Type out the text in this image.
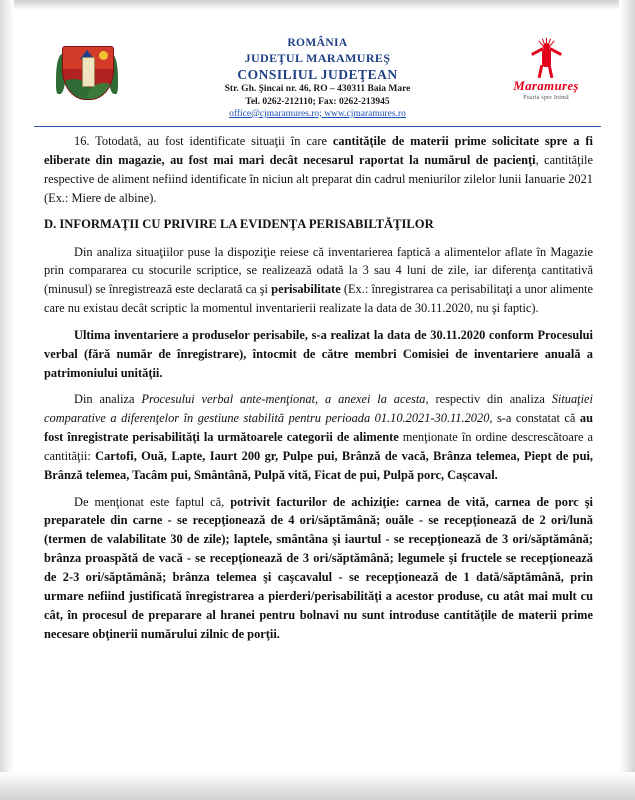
ROMÂNIA
JUDEŢUL MARAMUREŞ
CONSILIUL JUDEŢEAN
Str. Gh. Şincai nr. 46, RO – 430311 Baia Mare
Tel. 0262-212110; Fax: 0262-213945
office@cjmaramures.ro; www.cjmaramures.ro
Maramureș
Poarta spre Inimă

16. Totodată, au fost identificate situaţii în care cantităţile de materii prime solicitate spre a fi eliberate din magazie, au fost mai mari decât necesarul raportat la numărul de pacienţi, cantităţile respective de aliment nefiind identificate în niciun alt preparat din cadrul meniurilor zilelor lunii Ianuarie 2021 (Ex.: Miere de albine).

D. INFORMAŢII CU PRIVIRE LA EVIDENŢA PERISABILTĂŢILOR

Din analiza situaţiilor puse la dispoziţie reiese că inventarierea faptică a alimentelor aflate în Magazie prin compararea cu stocurile scriptice, se realizează odată la 3 sau 4 luni de zile, iar diferenţa cantitativă (minusul) se înregistrează este declarată ca şi perisabilitate (Ex.: înregistrarea ca perisabilitaţi a unor alimente care nu existau decât scriptic la momentul inventarierii realizate la data de 30.11.2020, nu şi faptic).

Ultima inventariere a produselor perisabile, s-a realizat la data de 30.11.2020 conform Procesului verbal (fără număr de înregistrare), întocmit de către membri Comisiei de inventariere anuală a patrimoniului unităţii.

Din analiza Procesului verbal ante-menţionat, a anexei la acesta, respectiv din analiza Situaţiei comparative a diferenţelor în gestiune stabilită pentru perioada 01.10.2021-30.11.2020, s-a constatat că au fost înregistrate perisabilităţi la următoarele categorii de alimente menţionate în ordine descrescătoare a cantităţii: Cartofi, Ouă, Lapte, Iaurt 200 gr, Pulpe pui, Brânză de vacă, Brânza telemea, Piept de pui, Brânză telemea, Tacâm pui, Smântână, Pulpă vită, Ficat de pui, Pulpă porc, Caşcaval.

De menţionat este faptul că, potrivit facturilor de achiziţie: carnea de vită, carnea de porc şi preparatele din carne - se recepţionează de 4 ori/săptămână; ouăle - se recepţionează de 2 ori/lună (termen de valabilitate 30 de zile); laptele, smântâna şi iaurtul - se recepţionează de 3 ori/săptămână; brânza proaspătă de vacă - se recepţionează de 3 ori/săptămână; legumele şi fructele se recepţionează de 2-3 ori/săptămână; brânza telemea şi caşcavalul - se recepţionează de 1 dată/săptămână, prin urmare nefiind justificată înregistrarea a pierderi/perisabilităţi a acestor produse, cu atât mai mult cu cât, în procesul de preparare al hranei pentru bolnavi nu sunt introduse cantităţile de materii prime necesare obţinerii numărului zilnic de porţii.
